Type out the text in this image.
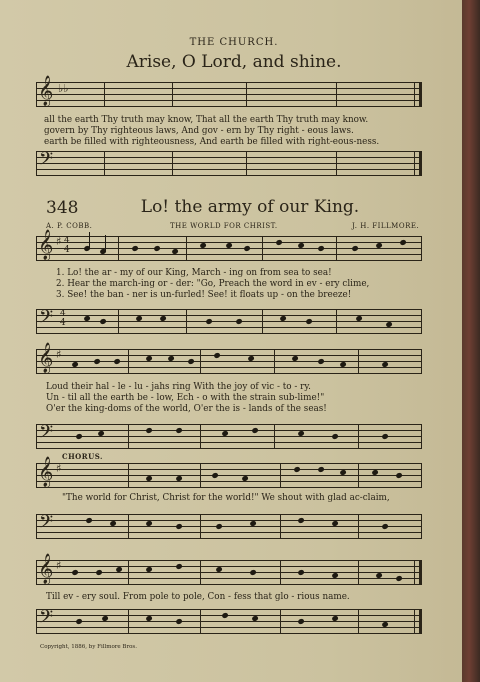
THE CHURCH.
Arise, O Lord, and shine.
𝄞 ♭♭
all the earth Thy truth may know, That all the earth Thy truth may know.
govern by Thy righteous laws, And gov - ern by Thy right - eous laws.
earth be filled with righteousness, And earth be filled with right-eous-ness.
𝄢
348	Lo! the army of our King.
A. P. COBB.	THE WORLD FOR CHRIST.	J. H. FILLMORE.
𝄞 ♯ 4
4
1. Lo! the ar - my of our King, March - ing on from sea to sea!
2. Hear the march-ing or - der: "Go, Preach the word in ev - ery clime,
3. See! the ban - ner is un-furled! See! it floats up - on the breeze!
𝄢 4
4
𝄞 ♯
Loud their hal - le - lu - jahs ring With the joy of vic - to - ry.
Un - til all the earth be - low, Ech - o with the strain sub-lime!"
O'er the king-doms of the world, O'er the is - lands of the seas!
𝄢
CHORUS.
𝄞 ♯
"The world for Christ, Christ for the world!" We shout with glad ac-claim,
𝄢
𝄞 ♯
Till ev - ery soul. From pole to pole, Con - fess that glo - rious name.
𝄢
Copyright, 1886, by Fillmore Bros.
